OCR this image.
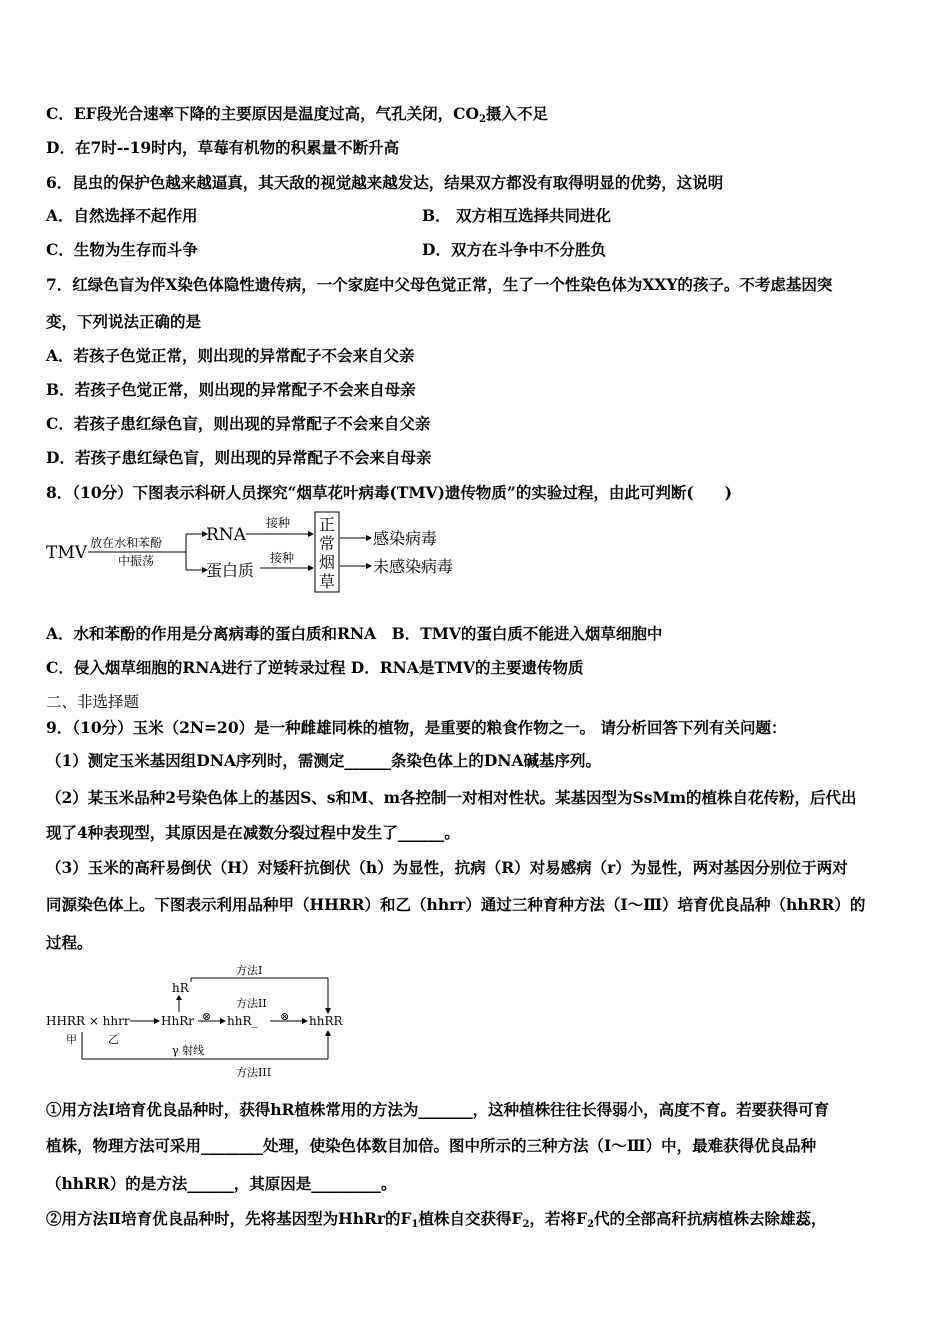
C．EF段光合速率下降的主要原因是温度过高，气孔关闭，$CO_2$摄入不足
D．在7时--19时内，草莓有机物的积累量不断升高
6．昆虫的保护色越来越逼真，其天敌的视觉越来越发达，结果双方都没有取得明显的优势，这说明
A．自然选择不起作用	B． 双方相互选择共同进化
C．生物为生存而斗争	D．双方在斗争中不分胜负
7．红绿色盲为伴X染色体隐性遗传病，一个家庭中父母色觉正常，生了一个性染色体为XXY的孩子。不考虑基因突
变，下列说法正确的是
A．若孩子色觉正常，则出现的异常配子不会来自父亲
B．若孩子色觉正常，则出现的异常配子不会来自母亲
C．若孩子患红绿色盲，则出现的异常配子不会来自父亲
D．若孩子患红绿色盲，则出现的异常配子不会来自母亲
8．（10分）下图表示科研人员探究“烟草花叶病毒(TMV)遗传物质”的实验过程，由此可判断(　　)
TMV 放在水和苯酚
中振荡
RNA
蛋白质
接种
接种
正
常
烟
草
感染病毒
未感染病毒
A．水和苯酚的作用是分离病毒的蛋白质和RNA　B．TMV的蛋白质不能进入烟草细胞中
C．侵入烟草细胞的RNA进行了逆转录过程 D．RNA是TMV的主要遗传物质
二、非选择题
9．（10分）玉米（2N=20）是一种雌雄同株的植物，是重要的粮食作物之一。 请分析回答下列有关问题：
（1）测定玉米基因组DNA序列时，需测定______条染色体上的DNA碱基序列。
（2）某玉米品种2号染色体上的基因S、s和M、m各控制一对相对性状。某基因型为SsMm的植株自花传粉，后代出
现了4种表现型，其原因是在减数分裂过程中发生了______。
（3）玉米的高秆易倒伏（H）对矮秆抗倒伏（h）为显性，抗病（R）对易感病（r）为显性，两对基因分别位于两对
同源染色体上。下图表示利用品种甲（HHRR）和乙（hhrr）通过三种育种方法（Ⅰ～Ⅲ）培育优良品种（hhRR）的
过程。
方法I
hR
方法II
HHRR × hhrr	HhRr ⊗ hhR_ ⊗ hhRR
甲	乙
γ 射线
方法III
①用方法Ⅰ培育优良品种时，获得hR植株常用的方法为_______，这种植株往往长得弱小，高度不育。若要获得可育
植株，物理方法可采用________处理，使染色体数目加倍。图中所示的三种方法（Ⅰ～Ⅲ）中，最难获得优良品种
（hhRR）的是方法______，其原因是_________。
②用方法Ⅱ培育优良品种时，先将基因型为HhRr的$F_1$植株自交获得$F_2$，若将$F_2$代的全部高秆抗病植株去除雄蕊，
